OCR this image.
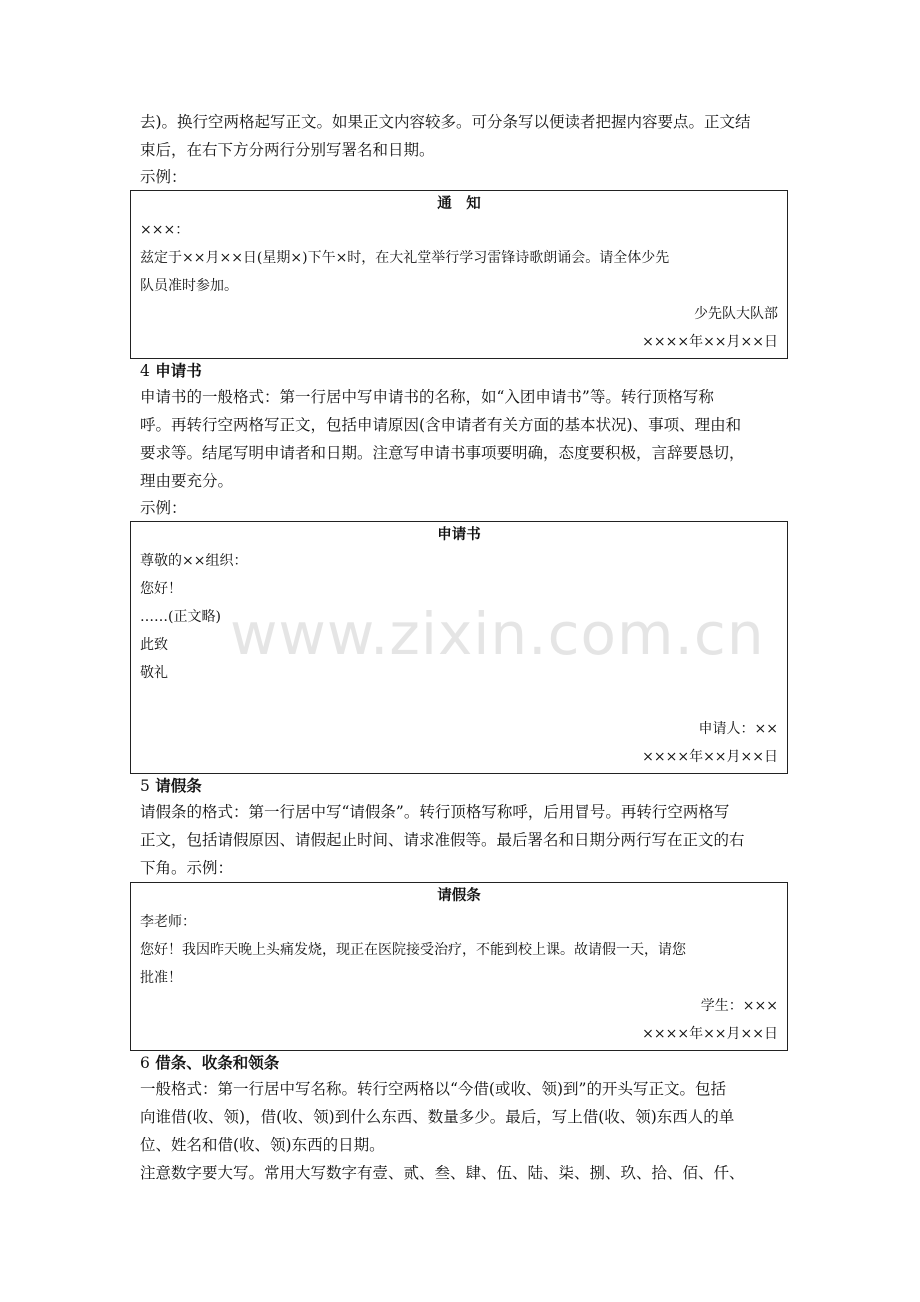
去)。换行空两格起写正文。如果正文内容较多。可分条写以便读者把握内容要点。正文结

束后，在右下方分两行分别写署名和日期。

示例：

通　知
×××：
兹定于××月××日(星期×)下午×时，在大礼堂举行学习雷锋诗歌朗诵会。请全体少先
队员准时参加。
少先队大队部
××××年××月××日
4 申请书

申请书的一般格式：第一行居中写申请书的名称，如“入团申请书”等。转行顶格写称

呼。再转行空两格写正文，包括申请原因(含申请者有关方面的基本状况)、事项、理由和

要求等。结尾写明申请者和日期。注意写申请书事项要明确，态度要积极，言辞要恳切，

理由要充分。

示例：

申请书
尊敬的××组织：
您好！
……(正文略)
此致
敬礼

申请人：××
××××年××月××日
5 请假条

请假条的格式：第一行居中写“请假条”。转行顶格写称呼，后用冒号。再转行空两格写

正文，包括请假原因、请假起止时间、请求准假等。最后署名和日期分两行写在正文的右

下角。示例：

请假条
李老师：
您好！我因昨天晚上头痛发烧，现正在医院接受治疗，不能到校上课。故请假一天，请您
批准！
学生：×××
××××年××月××日
6 借条、收条和领条

一般格式：第一行居中写名称。转行空两格以“今借(或收、领)到”的开头写正文。包括

向谁借(收、领)，借(收、领)到什么东西、数量多少。最后，写上借(收、领)东西人的单

位、姓名和借(收、领)东西的日期。

注意数字要大写。常用大写数字有壹、贰、叁、肆、伍、陆、柒、捌、玖、拾、佰、仟、

www.zixin.com.cn
